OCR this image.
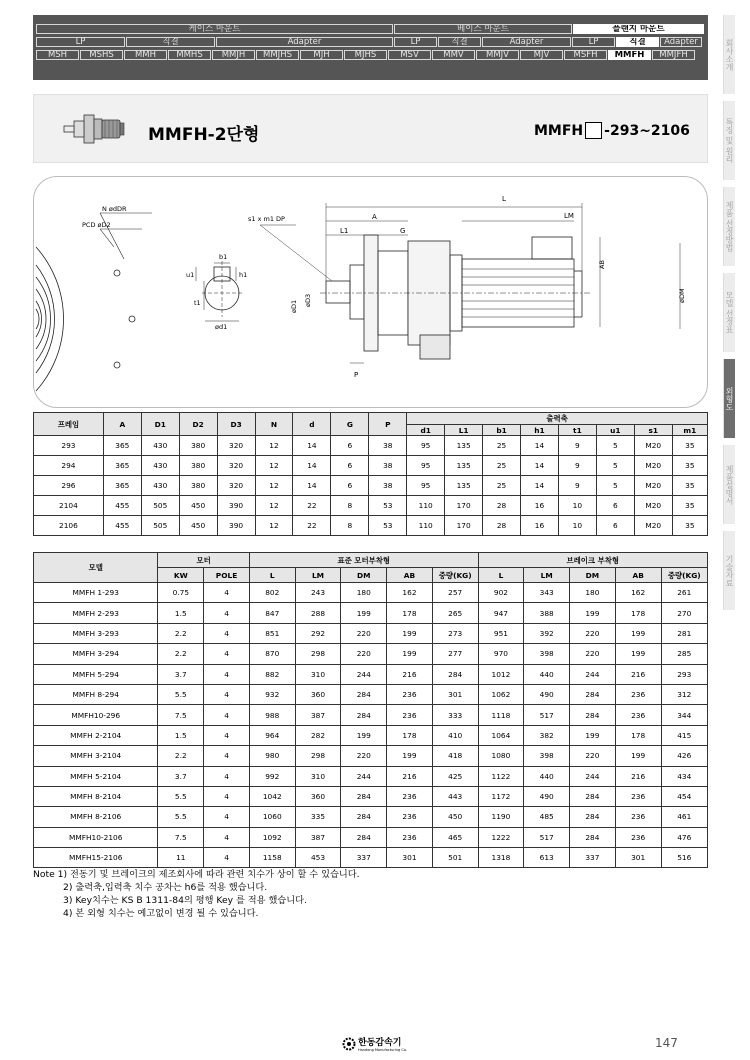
케이스 마운트	베이스 마운트	플랜지 마운트
LP	직결	Adapter	LP	직결	Adapter	LP	직결	Adapter
MSH	MSHS	MMH	MMHS	MMJH	MMJHS	MJH	MJHS	MSV	MMV	MMJV	MJV	MSFH	MMFH	MMJFH	회사소개
특징 및 원리
제품 선정방법
모델 선정표
외형도
제품설명서
기술자료
MMFH-2단형	MMFH -293~2106
N ødDR
PCD øD2
b1
h1
u1
t1
ød1
L
LM
A
L1	G
s1 x m1 DP
AB
øDM
øD1 øD3
P
프레임	A	D1	D2	D3	N	d	G	P	출력축							
									d1	L1	b1	h1	t1	u1	s1	m1
293	365	430	380	320	12	14	6	38	95	135	25	14	9	5	M20	35
294	365	430	380	320	12	14	6	38	95	135	25	14	9	5	M20	35
296	365	430	380	320	12	14	6	38	95	135	25	14	9	5	M20	35
2104	455	505	450	390	12	22	8	53	110	170	28	16	10	6	M20	35
2106	455	505	450	390	12	22	8	53	110	170	28	16	10	6	M20	35
모델	모터		표준 모터부착형					브레이크 부착형				
	KW	POLE	L	LM	DM	AB	중량(KG)	L	LM	DM	AB	중량(KG)
MMFH 1-293	0.75	4	802	243	180	162	257	902	343	180	162	261
MMFH 2-293	1.5	4	847	288	199	178	265	947	388	199	178	270
MMFH 3-293	2.2	4	851	292	220	199	273	951	392	220	199	281
MMFH 3-294	2.2	4	870	298	220	199	277	970	398	220	199	285
MMFH 5-294	3.7	4	882	310	244	216	284	1012	440	244	216	293
MMFH 8-294	5.5	4	932	360	284	236	301	1062	490	284	236	312
MMFH10-296	7.5	4	988	387	284	236	333	1118	517	284	236	344
MMFH 2-2104	1.5	4	964	282	199	178	410	1064	382	199	178	415
MMFH 3-2104	2.2	4	980	298	220	199	418	1080	398	220	199	426
MMFH 5-2104	3.7	4	992	310	244	216	425	1122	440	244	216	434
MMFH 8-2104	5.5	4	1042	360	284	236	443	1172	490	284	236	454
MMFH 8-2106	5.5	4	1060	335	284	236	450	1190	485	284	236	461
MMFH10-2106	7.5	4	1092	387	284	236	465	1222	517	284	236	476
MMFH15-2106	11	4	1158	453	337	301	501	1318	613	337	301	516
Note 1) 전동기 및 브레이크의 제조회사에 따라 관련 치수가 상이 할 수 있습니다.
2) 출력축,입력축 치수 공차는 h6를 적용 했습니다.
3) Key치수는 KS B 1311-84의 평행 Key 를 적용 했습니다.
4) 본 외형 치수는 예고없이 변경 될 수 있습니다.
한동감속기
Handong Manufacturing Co.	147
